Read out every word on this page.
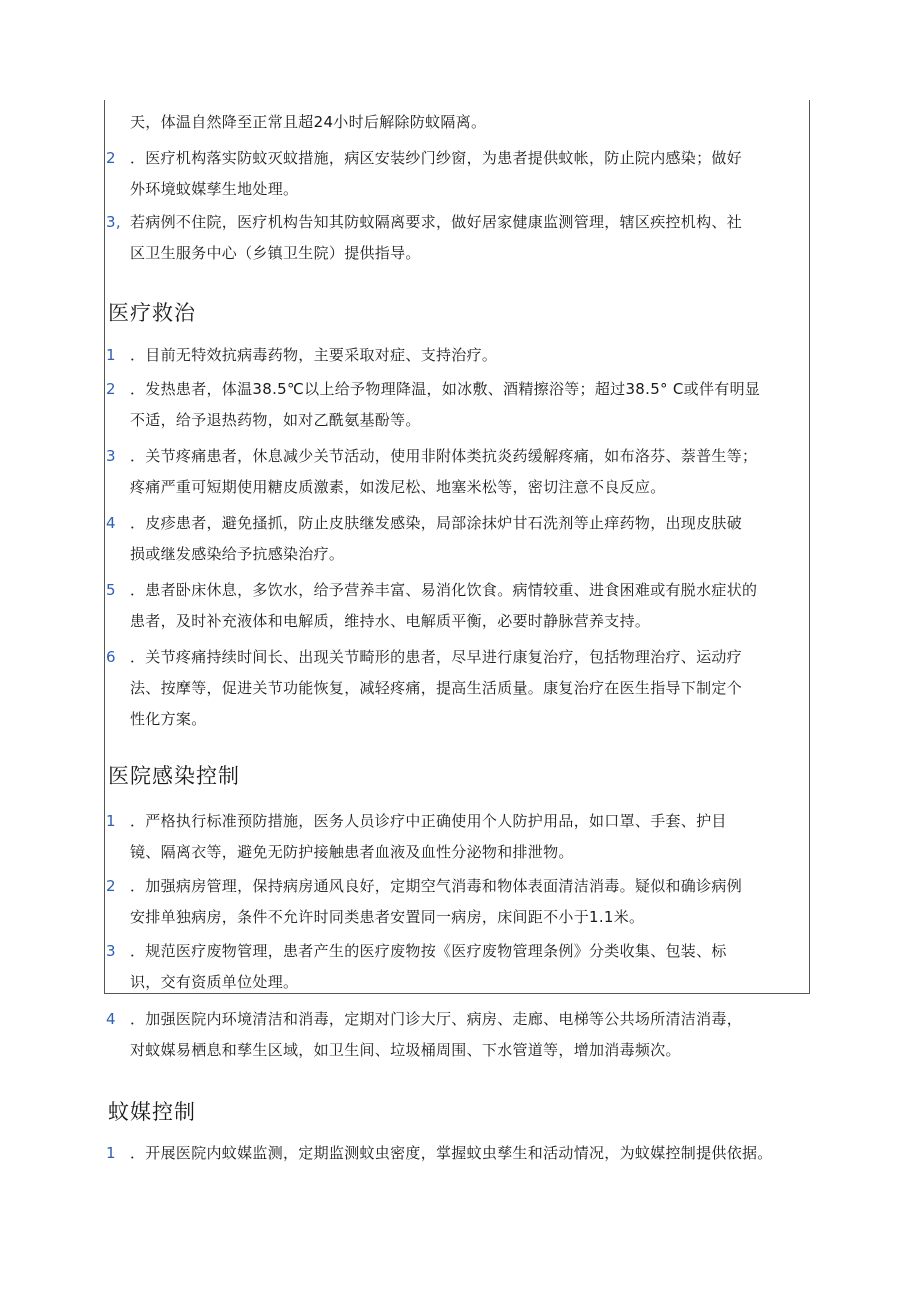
天，体温自然降至正常且超24小时后解除防蚊隔离。
2 ．医疗机构落实防蚊灭蚊措施，病区安装纱门纱窗，为患者提供蚊帐，防止院内感染；做好
外环境蚊媒孳生地处理。
3, 若病例不住院，医疗机构告知其防蚊隔离要求，做好居家健康监测管理，辖区疾控机构、社
区卫生服务中心（乡镇卫生院）提供指导。
医疗救治
1 ．目前无特效抗病毒药物，主要采取对症、支持治疗。
2 ．发热患者，体温38.5℃以上给予物理降温，如冰敷、酒精擦浴等；超过38.5° C或伴有明显
不适，给予退热药物，如对乙酰氨基酚等。
3 ．关节疼痛患者，休息减少关节活动，使用非附体类抗炎药缓解疼痛，如布洛芬、萘普生等；
疼痛严重可短期使用糖皮质激素，如泼尼松、地塞米松等，密切注意不良反应。
4 ．皮疹患者，避免搔抓，防止皮肤继发感染，局部涂抹炉甘石洗剂等止痒药物，出现皮肤破
损或继发感染给予抗感染治疗。
5 ．患者卧床休息，多饮水，给予营养丰富、易消化饮食。病情较重、进食困难或有脱水症状的
患者，及时补充液体和电解质，维持水、电解质平衡，必要时静脉营养支持。
6 ．关节疼痛持续时间长、出现关节畸形的患者，尽早进行康复治疗，包括物理治疗、运动疗
法、按摩等，促进关节功能恢复，减轻疼痛，提高生活质量。康复治疗在医生指导下制定个
性化方案。
医院感染控制
1 ．严格执行标准预防措施，医务人员诊疗中正确使用个人防护用品，如口罩、手套、护目
镜、隔离衣等，避免无防护接触患者血液及血性分泌物和排泄物。
2 ．加强病房管理，保持病房通风良好，定期空气消毒和物体表面清洁消毒。疑似和确诊病例
安排单独病房，条件不允许时同类患者安置同一病房，床间距不小于1.1米。
3 ．规范医疗废物管理，患者产生的医疗废物按《医疗废物管理条例》分类收集、包装、标
识，交有资质单位处理。
4 ．加强医院内环境清洁和消毒，定期对门诊大厅、病房、走廊、电梯等公共场所清洁消毒，
对蚊媒易栖息和孳生区域，如卫生间、垃圾桶周围、下水管道等，增加消毒频次。
蚊媒控制
1 ．开展医院内蚊媒监测，定期监测蚊虫密度，掌握蚊虫孳生和活动情况，为蚊媒控制提供依据。
